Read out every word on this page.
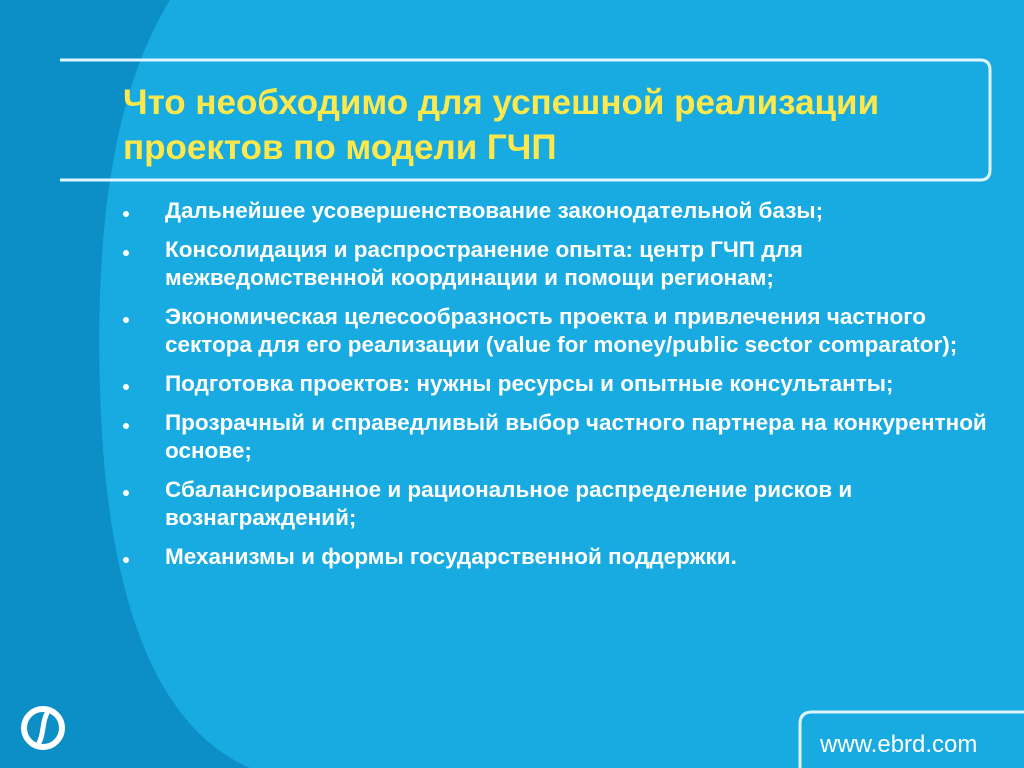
Что необходимо для успешной реализации проектов по модели ГЧП
Дальнейшее усовершенствование законодательной базы;
Консолидация и распространение опыта: центр ГЧП для межведомственной координации и помощи регионам;
Экономическая целесообразность проекта и привлечения частного сектора для его реализации (value for money/public sector comparator);
Подготовка проектов: нужны ресурсы и опытные консультанты;
Прозрачный и справедливый выбор частного партнера на конкурентной основе;
Сбалансированное и рациональное распределение рисков и вознаграждений;
Механизмы и формы государственной поддержки.
www.ebrd.com
